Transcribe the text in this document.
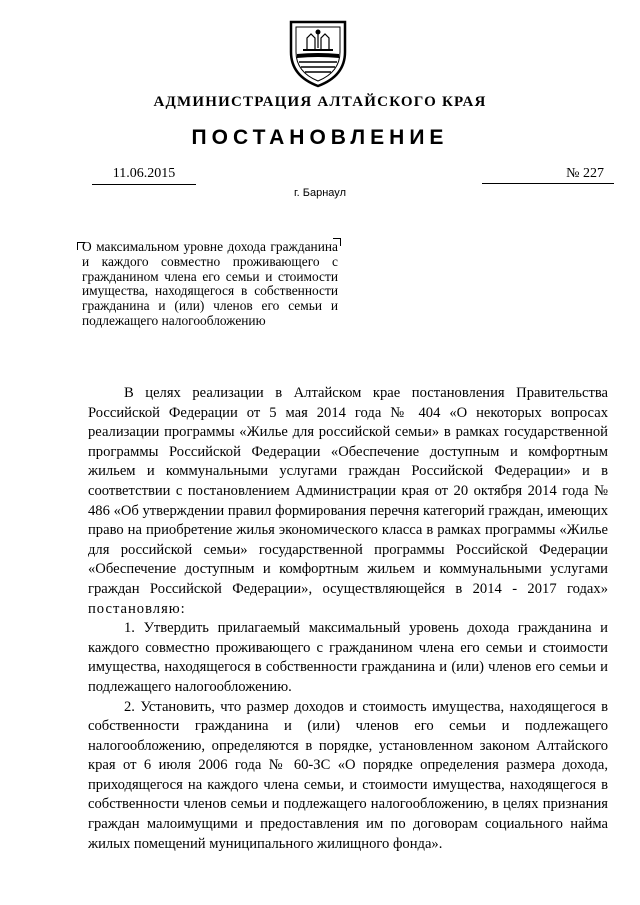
АДМИНИСТРАЦИЯ АЛТАЙСКОГО КРАЯ
ПОСТАНОВЛЕНИЕ
11.06.2015	№ 227
г. Барнаул
О максимальном уровне дохода гражданина и каждого совместно проживающего с гражданином члена его семьи и стоимости имущества, находящегося в собственности гражданина и (или) членов его семьи и подлежащего налогообложению

В целях реализации в Алтайском крае постановления Правительства Российской Федерации от 5 мая 2014 года № 404 «О некоторых вопросах реализации программы «Жилье для российской семьи» в рамках государственной программы Российской Федерации «Обеспечение доступным и комфортным жильем и коммунальными услугами граждан Российской Федерации» и в соответствии с постановлением Администрации края от 20 октября 2014 года № 486 «Об утверждении правил формирования перечня категорий граждан, имеющих право на приобретение жилья экономического класса в рамках программы «Жилье для российской семьи» государственной программы Российской Федерации «Обеспечение доступным и комфортным жильем и коммунальными услугами граждан Российской Федерации», осуществляющейся в 2014 - 2017 годах» постановляю:

1. Утвердить прилагаемый максимальный уровень дохода гражданина и каждого совместно проживающего с гражданином члена его семьи и стоимости имущества, находящегося в собственности гражданина и (или) членов его семьи и подлежащего налогообложению.

2. Установить, что размер доходов и стоимость имущества, находящегося в собственности гражданина и (или) членов его семьи и подлежащего налогообложению, определяются в порядке, установленном законом Алтайского края от 6 июля 2006 года № 60-ЗС «О порядке определения размера дохода, приходящегося на каждого члена семьи, и стоимости имущества, находящегося в собственности членов семьи и подлежащего налогообложению, в целях признания граждан малоимущими и предоставления им по договорам социального найма жилых помещений муниципального жилищного фонда».
